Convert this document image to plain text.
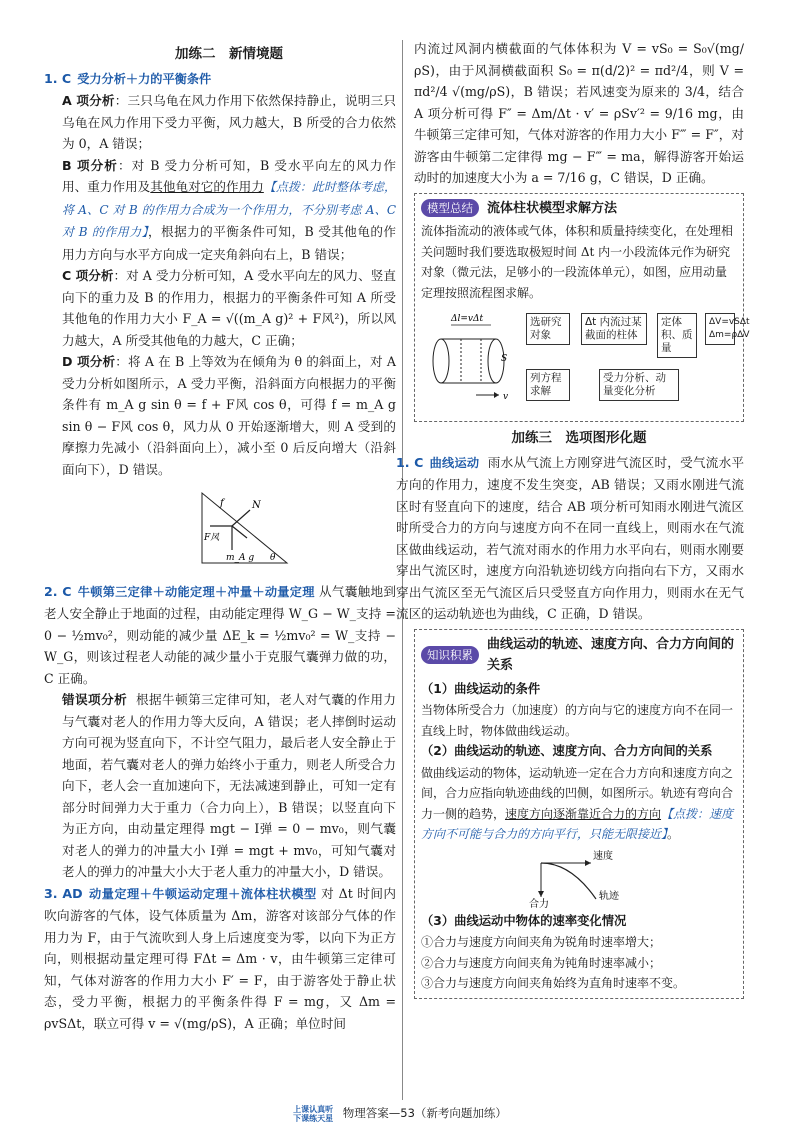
加练二　新情境题
1. C 受力分析＋力的平衡条件

A 项分析：三只乌龟在风力作用下依然保持静止，说明三只乌龟在风力作用下受力平衡，风力越大，B 所受的合力依然为 0，A 错误；

B 项分析：对 B 受力分析可知，B 受水平向左的风力作用、重力作用及其他龟对它的作用力【点拨：此时整体考虑，将 A、C 对 B 的作用力合成为一个作用力，不分别考虑 A、C 对 B 的作用力】，根据力的平衡条件可知，B 受其他龟的作用力方向与水平方向成一定夹角斜向右上，B 错误；

C 项分析：对 A 受力分析可知，A 受水平向左的风力、竖直向下的重力及 B 的作用力，根据力的平衡条件可知 A 所受其他龟的作用力大小 F_A = √((m_A g)² + F风²)，所以风力越大，A 所受其他龟的力越大，C 正确；

D 项分析：将 A 在 B 上等效为在倾角为 θ 的斜面上，对 A 受力分析如图所示，A 受力平衡，沿斜面方向根据力的平衡条件有 m_A g sin θ = f + F风 cos θ，可得 f = m_A g sin θ − F风 cos θ，风力从 0 开始逐渐增大，则 A 受到的摩擦力先减小（沿斜面向上），减小至 0 后反向增大（沿斜面向下），D 错误。

f	N
F风
m_A g θ

2. C 牛顿第三定律＋动能定理＋冲量＋动量定理 从气囊触地到老人安全静止于地面的过程，由动能定理得 W_G − W_支持 = 0 − ½mv₀²，则动能的减少量 ΔE_k = ½mv₀² = W_支持 − W_G，则该过程老人动能的减少量小于克服气囊弹力做的功，C 正确。

错误项分析 根据牛顿第三定律可知，老人对气囊的作用力与气囊对老人的作用力等大反向，A 错误；老人摔倒时运动方向可视为竖直向下，不计空气阻力，最后老人安全静止于地面，若气囊对老人的弹力始终小于重力，则老人所受合力向下，老人会一直加速向下，无法减速到静止，可知一定有部分时间弹力大于重力（合力向上），B 错误；以竖直向下为正方向，由动量定理得 mgt − I弹 = 0 − mv₀，则气囊对老人的弹力的冲量大小 I弹 = mgt + mv₀，可知气囊对老人的弹力的冲量大小大于老人重力的冲量大小，D 错误。

3. AD 动量定理＋牛顿运动定理＋流体柱状模型 对 Δt 时间内吹向游客的气体，设气体质量为 Δm，游客对该部分气体的作用力为 F，由于气流吹到人身上后速度变为零，以向下为正方向，则根据动量定理可得 FΔt = Δm · v，由牛顿第三定律可知，气体对游客的作用力大小 F′ = F，由于游客处于静止状态，受力平衡，根据力的平衡条件得 F = mg，又 Δm = ρvSΔt，联立可得 v = √(mg/ρS)，A 正确；单位时间

内流过风洞内横截面的气体体积为 V = vS₀ = S₀√(mg/ρS)，由于风洞横截面积 S₀ = π(d/2)² = πd²/4，则 V = πd²/4 √(mg/ρS)，B 错误；若风速变为原来的 3/4，结合 A 项分析可得 F″ = Δm/Δt · v′ = ρSv′² = 9/16 mg，由牛顿第三定律可知，气体对游客的作用力大小 F‴ = F″，对游客由牛顿第二定律得 mg − F‴ = ma，解得游客开始运动时的加速度大小为 a = 7/16 g，C 错误，D 正确。

模型总结	流体柱状模型求解方法
流体指流动的液体或气体，体积和质量持续变化，在处理相关问题时我们要选取极短时间 Δt 内一小段流体元作为研究对象（微元法，足够小的一段流体单元），如图，应用动量定理按照流程图求解。
Δl=vΔt
v
S
选研究对象
Δt 内流过某截面的柱体
定体积、质量
ΔV=vSΔt Δm=ρΔV
列方程求解
受力分析、动量变化分析
加练三　选项图形化题

1. C 曲线运动 雨水从气流上方刚穿进气流区时，受气流水平方向的作用力，速度不发生突变，AB 错误；又雨水刚进气流区时有竖直向下的速度，结合 AB 项分析可知雨水刚进气流区时所受合力的方向与速度方向不在同一直线上，则雨水在气流区做曲线运动，若气流对雨水的作用力水平向右，则雨水刚要穿出气流区时，速度方向沿轨迹切线方向指向右下方，又雨水穿出气流区至无气流区后只受竖直方向作用力，则雨水在无气流区的运动轨迹也为曲线，C 正确，D 错误。

知识积累
曲线运动的轨迹、速度方向、合力方向间的关系
（1）曲线运动的条件
当物体所受合力（加速度）的方向与它的速度方向不在同一直线上时，物体做曲线运动。
（2）曲线运动的轨迹、速度方向、合力方向间的关系
做曲线运动的物体，运动轨迹一定在合力方向和速度方向之间，合力应指向轨迹曲线的凹侧，如图所示。轨迹有弯向合力一侧的趋势，速度方向逐渐靠近合力的方向【点拨：速度方向不可能与合力的方向平行，只能无限接近】。
速度
合力
轨迹
（3）曲线运动中物体的速率变化情况
①合力与速度方向间夹角为锐角时速率增大；
②合力与速度方向间夹角为钝角时速率减小；
③合力与速度方向间夹角始终为直角时速率不变。
上课认真听
下课练天星 物理答案—53（新考向题加练）
